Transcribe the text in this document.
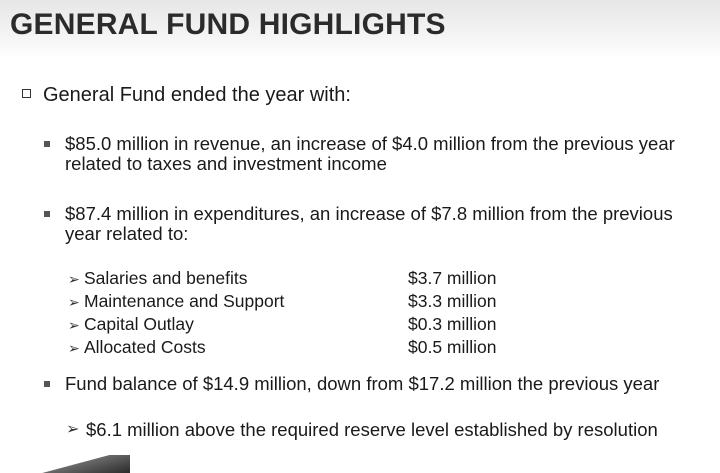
GENERAL FUND HIGHLIGHTS
General Fund ended the year with:
$85.0 million in revenue, an increase of $4.0 million from the previous year related to taxes and investment income
$87.4 million in expenditures, an increase of $7.8 million from the previous year related to:
➢ Salaries and benefits	$3.7 million
➢ Maintenance and Support	$3.3 million
➢ Capital Outlay	$0.3 million
➢ Allocated Costs	$0.5 million
Fund balance of $14.9 million, down from $17.2 million the previous year
➢ $6.1 million above the required reserve level established by resolution
